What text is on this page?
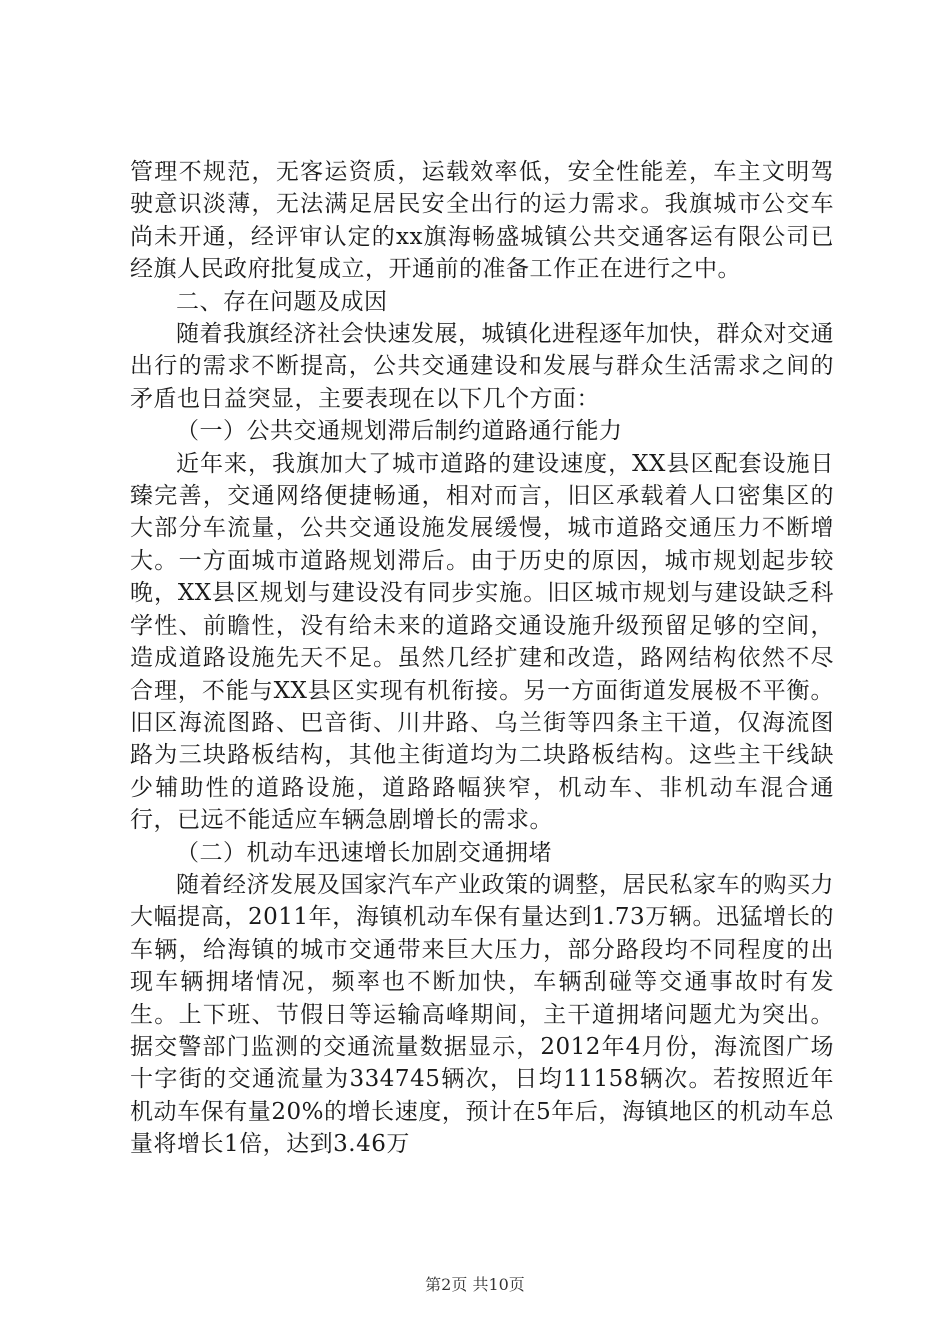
管理不规范，无客运资质，运载效率低，安全性能差，车主文明驾驶意识淡薄，无法满足居民安全出行的运力需求。我旗城市公交车尚未开通，经评审认定的xx旗海畅盛城镇公共交通客运有限公司已经旗人民政府批复成立，开通前的准备工作正在进行之中。

二、存在问题及成因

随着我旗经济社会快速发展，城镇化进程逐年加快，群众对交通出行的需求不断提高，公共交通建设和发展与群众生活需求之间的矛盾也日益突显，主要表现在以下几个方面：

（一）公共交通规划滞后制约道路通行能力

近年来，我旗加大了城市道路的建设速度，XX县区配套设施日臻完善，交通网络便捷畅通，相对而言，旧区承载着人口密集区的大部分车流量，公共交通设施发展缓慢，城市道路交通压力不断增大。一方面城市道路规划滞后。由于历史的原因，城市规划起步较晚，XX县区规划与建设没有同步实施。旧区城市规划与建设缺乏科学性、前瞻性，没有给未来的道路交通设施升级预留足够的空间，造成道路设施先天不足。虽然几经扩建和改造，路网结构依然不尽合理，不能与XX县区实现有机衔接。另一方面街道发展极不平衡。旧区海流图路、巴音街、川井路、乌兰街等四条主干道，仅海流图路为三块路板结构，其他主街道均为二块路板结构。这些主干线缺少辅助性的道路设施，道路路幅狭窄，机动车、非机动车混合通行，已远不能适应车辆急剧增长的需求。

（二）机动车迅速增长加剧交通拥堵

随着经济发展及国家汽车产业政策的调整，居民私家车的购买力大幅提高，2011年，海镇机动车保有量达到1.73万辆。迅猛增长的车辆，给海镇的城市交通带来巨大压力，部分路段均不同程度的出现车辆拥堵情况，频率也不断加快，车辆刮碰等交通事故时有发生。上下班、节假日等运输高峰期间，主干道拥堵问题尤为突出。据交警部门监测的交通流量数据显示，2012年4月份，海流图广场十字街的交通流量为334745辆次，日均11158辆次。若按照近年机动车保有量20%的增长速度，预计在5年后，海镇地区的机动车总量将增长1倍，达到3.46万

第2页 共10页
